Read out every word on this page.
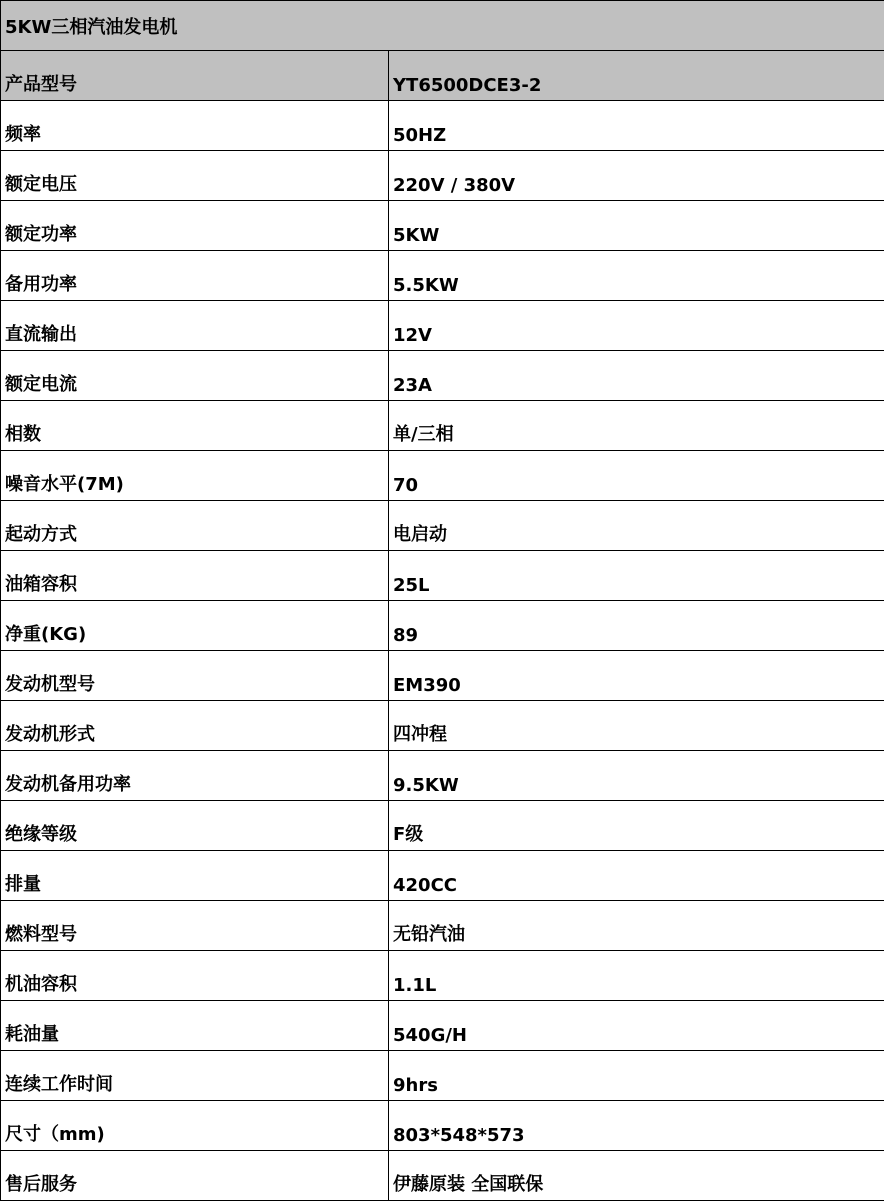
5KW三相汽油发电机	
产品型号	YT6500DCE3-2
频率	50HZ
额定电压	220V / 380V
额定功率	5KW
备用功率	5.5KW
直流输出	12V
额定电流	23A
相数	单/三相
噪音水平(7M)	70
起动方式	电启动
油箱容积	25L
净重(KG)	89
发动机型号	EM390
发动机形式	四冲程
发动机备用功率	9.5KW
绝缘等级	F级
排量	420CC
燃料型号	无铅汽油
机油容积	1.1L
耗油量	540G/H
连续工作时间	9hrs
尺寸（mm)	803*548*573
售后服务	伊藤原装 全国联保
